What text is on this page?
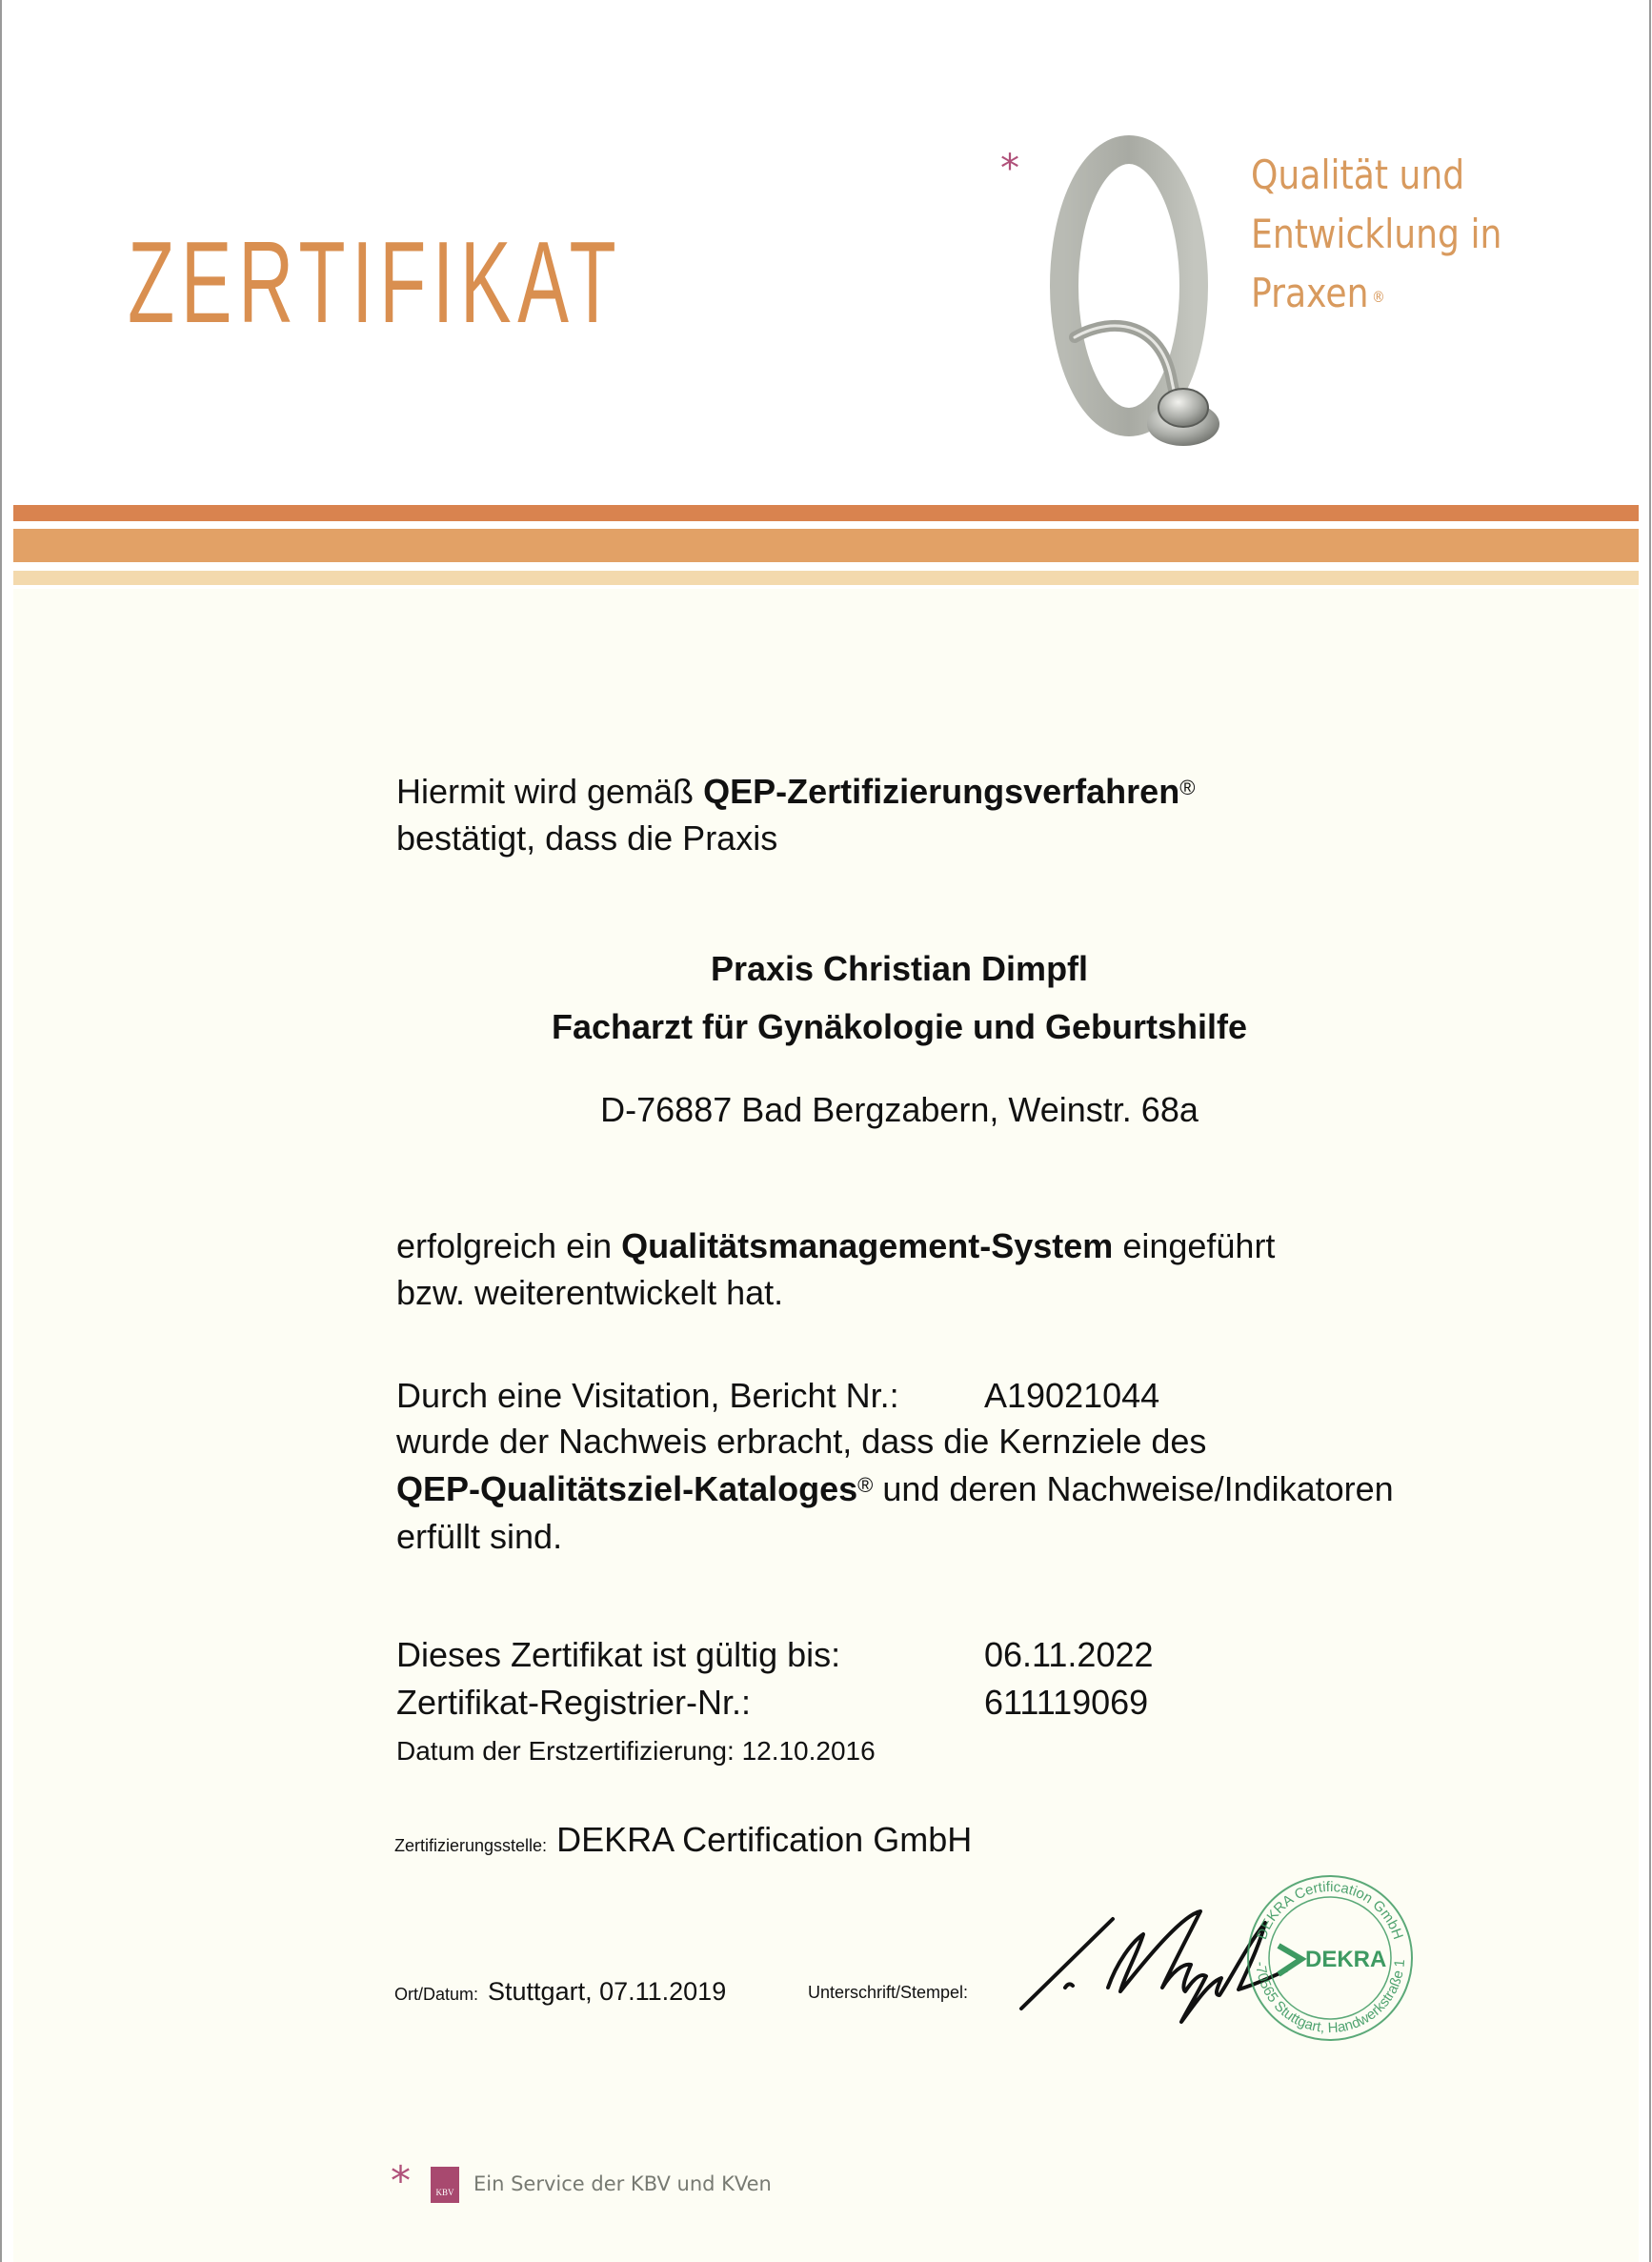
ZERTIFIKAT
*	Qualität und
Entwicklung in
Praxen ®
Hiermit wird gemäß QEP-Zertifizierungsverfahren®
bestätigt, dass die Praxis
Praxis Christian Dimpfl
Facharzt für Gynäkologie und Geburtshilfe
D-76887 Bad Bergzabern, Weinstr. 68a
erfolgreich ein Qualitätsmanagement-System eingeführt
bzw. weiterentwickelt hat.
Durch eine Visitation, Bericht Nr.: A19021044
wurde der Nachweis erbracht, dass die Kernziele des
QEP-Qualitätsziel-Kataloges® und deren Nachweise/Indikatoren
erfüllt sind.
Dieses Zertifikat ist gültig bis:	06.11.2022
Zertifikat-Registrier-Nr.:	611119069
Datum der Erstzertifizierung: 12.10.2016
Zertifizierungsstelle: DEKRA Certification GmbH
Ort/Datum: Stuttgart, 07.11.2019	Unterschrift/Stempel:
DEKRA Certification GmbH
-70565 Stuttgart, Handwerkstraße 1
DEKRA
*	KBV Ein Service der KBV und KVen
